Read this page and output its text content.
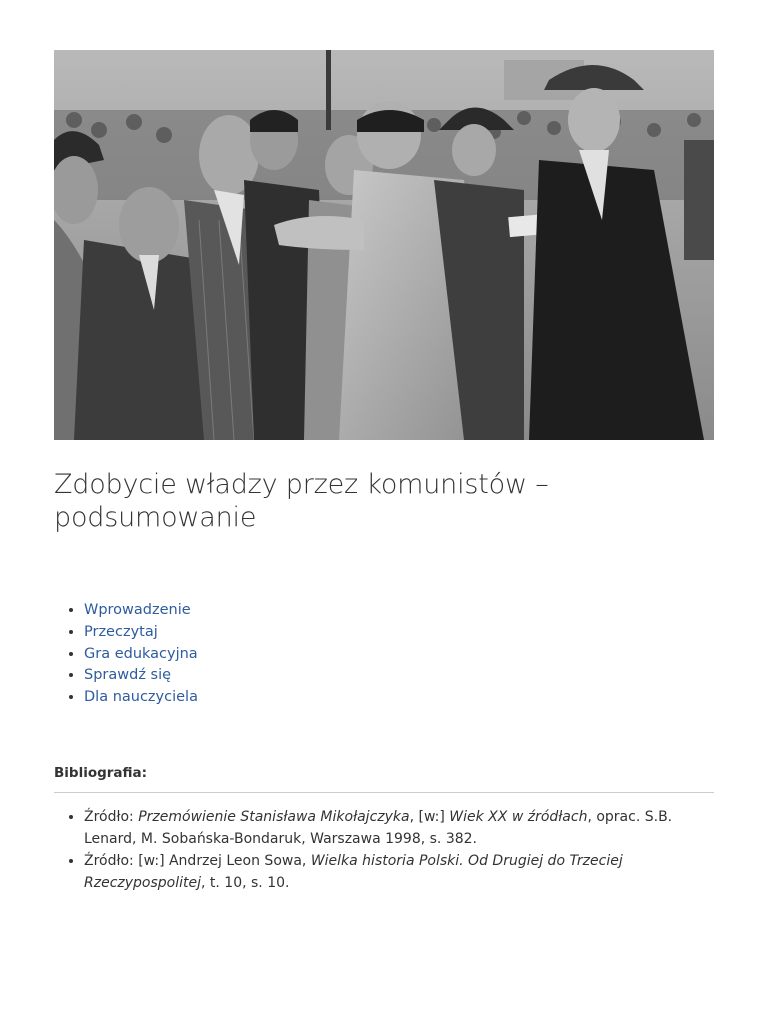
Zdobycie władzy przez komunistów – podsumowanie
• Wprowadzenie
• Przeczytaj
• Gra edukacyjna
• Sprawdź się
• Dla nauczyciela
Bibliografia:
• Źródło: Przemówienie Stanisława Mikołajczyka, [w:] Wiek XX w źródłach, oprac. S.B. Lenard, M. Sobańska-Bondaruk, Warszawa 1998, s. 382.
• Źródło: [w:] Andrzej Leon Sowa, Wielka historia Polski. Od Drugiej do Trzeciej Rzeczypospolitej, t. 10, s. 10.
